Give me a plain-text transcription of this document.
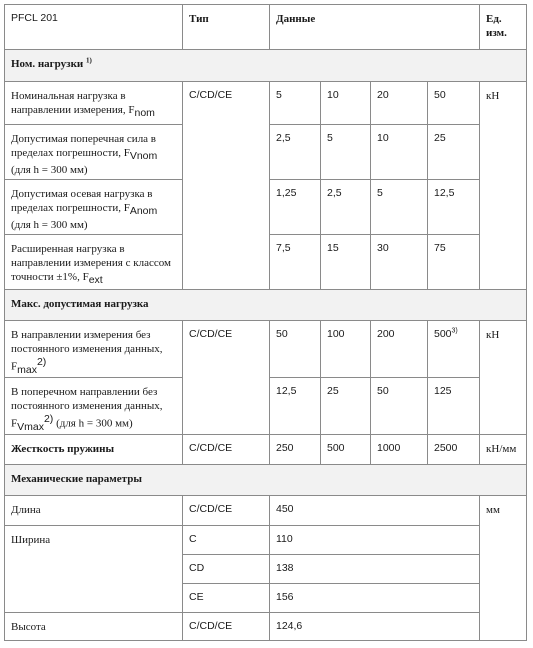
PFCL 201	Тип	Данные				Ед.
изм.
Ном. нагрузки $^{1)}$
Номинальная нагрузка в направлении измерения, $F_{nom}$	C/CD/CE	5	10	20	50	кН
Допустимая поперечная сила в пределах погрешности, $F_{Vnom}$ (для h = 300 мм)		2,5	5	10	25	
Допустимая осевая нагрузка в пределах погрешности, $F_{Anom}$ (для h = 300 мм)		1,25	2,5	5	12,5	
Расширенная нагрузка в направлении измерения с классом точности ±1%, $F_{ext}$		7,5	15	30	75	
Макс. допустимая нагрузка						
В направлении измерения без постоянного изменения данных, $F_{max}^{2)}$	C/CD/CE	50	100	200	500$^{3)}$	кН
В поперечном направлении без постоянного изменения данных, $F_{Vmax}^{2)}$ (для h = 300 мм)		12,5	25	50	125	
Жесткость пружины	C/CD/CE	250	500	1000	2500	кН/мм
Механические параметры						
Длина	C/CD/CE	450				мм
Ширина	C	110				
	CD	138				
	CE	156				
Высота	C/CD/CE	124,6				
